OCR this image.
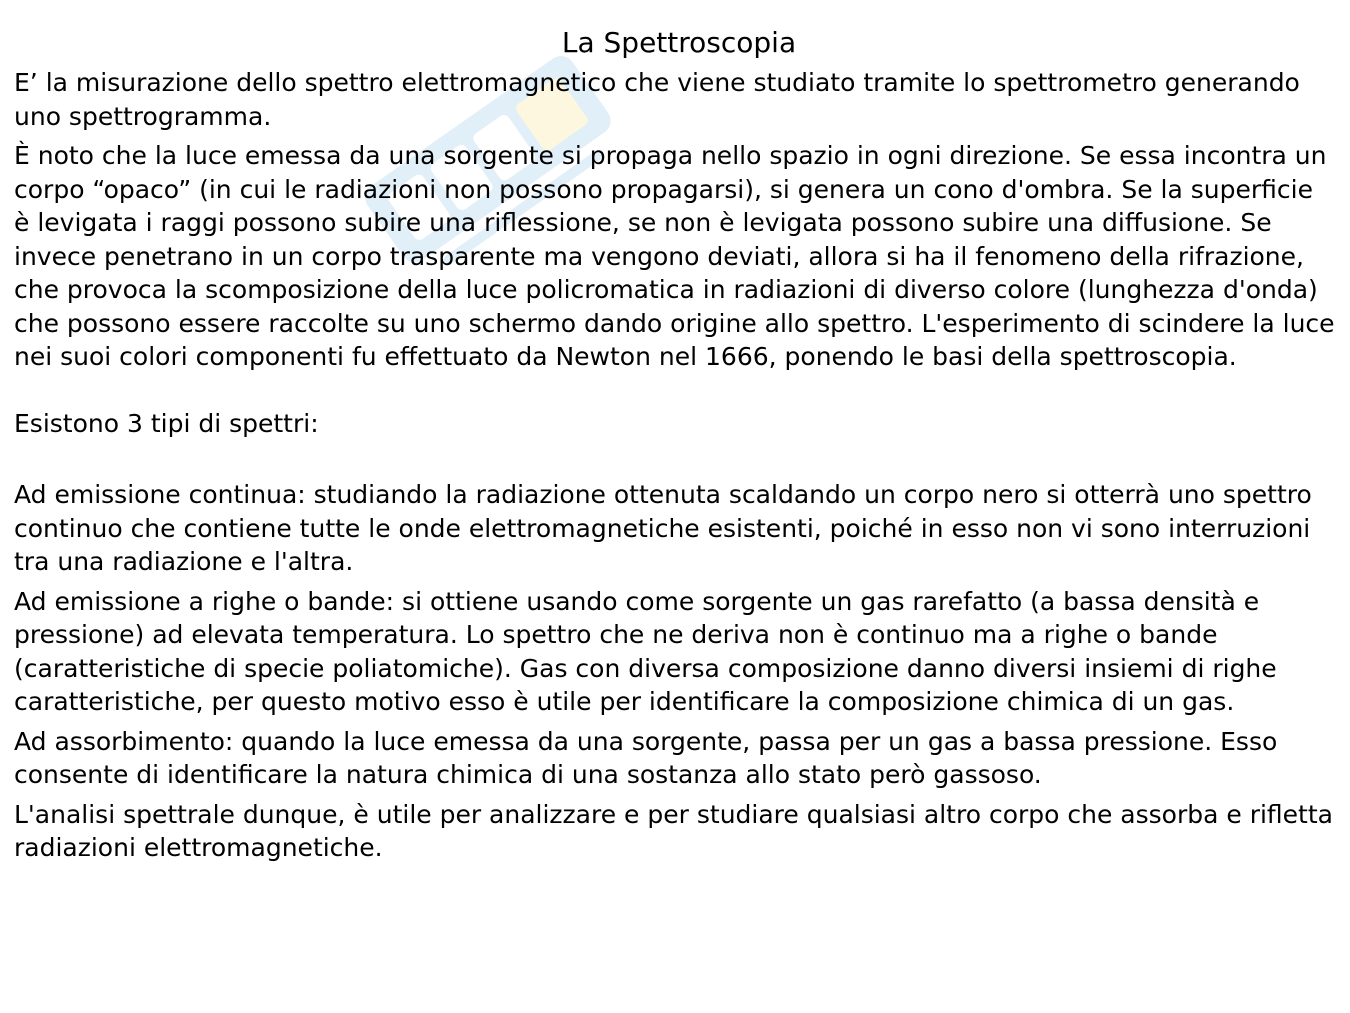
La Spettroscopia

E’ la misurazione dello spettro elettromagnetico che viene studiato tramite lo spettrometro generando uno spettrogramma.

È noto che la luce emessa da una sorgente si propaga nello spazio in ogni direzione. Se essa incontra un corpo “opaco” (in cui le radiazioni non possono propagarsi), si genera un cono d'ombra. Se la superficie è levigata i raggi possono subire una riflessione, se non è levigata possono subire una diffusione. Se invece penetrano in un corpo trasparente ma vengono deviati, allora si ha il fenomeno della rifrazione, che provoca la scomposizione della luce policromatica in radiazioni di diverso colore (lunghezza d'onda) che possono essere raccolte su uno schermo dando origine allo spettro. L'esperimento di scindere la luce nei suoi colori componenti fu effettuato da Newton nel 1666, ponendo le basi della spettroscopia.

Esistono 3 tipi di spettri:

Ad emissione continua: studiando la radiazione ottenuta scaldando un corpo nero si otterrà uno spettro continuo che contiene tutte le onde elettromagnetiche esistenti, poiché in esso non vi sono interruzioni tra una radiazione e l'altra.

Ad emissione a righe o bande: si ottiene usando come sorgente un gas rarefatto (a bassa densità e pressione) ad elevata temperatura. Lo spettro che ne deriva non è continuo ma a righe o bande (caratteristiche di specie poliatomiche). Gas con diversa composizione danno diversi insiemi di righe caratteristiche, per questo motivo esso è utile per identificare la composizione chimica di un gas.

Ad assorbimento: quando la luce emessa da una sorgente, passa per un gas a bassa pressione. Esso consente di identificare la natura chimica di una sostanza allo stato però gassoso.

L'analisi spettrale dunque, è utile per analizzare e per studiare qualsiasi altro corpo che assorba e rifletta radiazioni elettromagnetiche.
